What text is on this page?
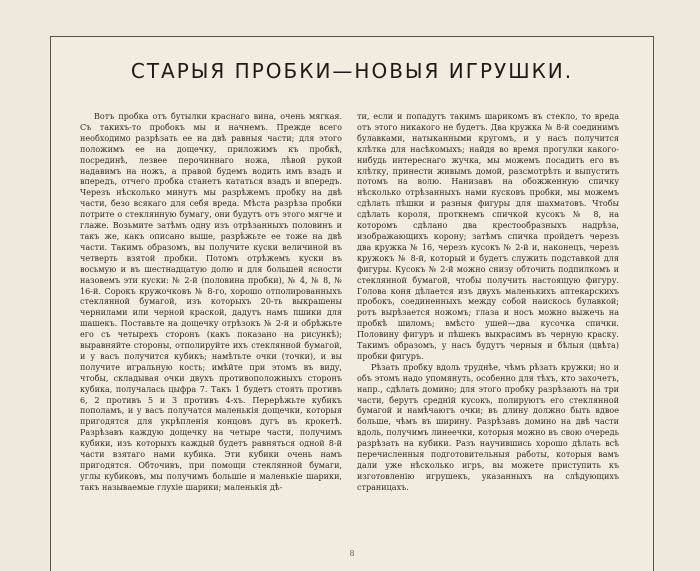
СТАРЫЯ ПРОБКИ—НОВЫЯ ИГРУШКИ.

Вотъ пробка отъ бутылки краснаго вина, очень мягкая. Съ такихъ-то пробокъ мы и начнемъ. Прежде всего необходимо разрѣзать ее на двѣ равныя части; для этого положимъ ее на дощечку, приложимъ къ пробкѣ, посрединѣ, лезвее перочиннаго ножа, лѣвой рукой надавимъ на ножъ, а правой будемъ водить имъ взадъ и впередъ, отчего пробка станетъ кататься взадъ и впередъ. Черезъ нѣсколько минутъ мы разрѣжемъ пробку на двѣ части, безо всякаго для себя вреда. Мѣста разрѣза пробки потрите о стеклянную бумагу, они будутъ отъ этого мягче и глаже. Возьмите затѣмъ одну изъ отрѣзанныхъ половинъ и такъ же, какъ описано выше, разрѣжьте ее тоже на двѣ части. Такимъ образомъ, вы получите куски величиной въ четверть взятой пробки. Потомъ отрѣжемъ куски въ восьмую и въ шестнадцатую долю и для большей ясности назовемъ эти куски: № 2-й (половина пробки), № 4, № 8, № 16-й. Сорокъ кружочковъ № 8-го, хорошо отполированныхъ стеклянной бумагой, изъ которыхъ 20-ть выкрашены чернилами или черной краской, дадутъ намъ пшики для шашекъ. Поставьте на дощечку отрѣзокъ № 2-й и обрѣжьте его съ четырехъ сторонъ (какъ показано на рисункѣ); выравняйте стороны, отполируйте ихъ стеклянной бумагой, и у васъ получится кубикъ; намѣтьте очки (точки), и вы получите игральную кость; имѣйте при этомъ въ виду, чтобы, складывая очки двухъ противоположныхъ сторонъ кубика, получалась цыфра 7. Такъ 1 будетъ стоять противъ 6, 2 противъ 5 и 3 противъ 4-хъ. Перерѣжьте кубикъ пополамъ, и у васъ получатся маленькія дощечки, которыя пригодятся для укрѣпленія концовъ дугъ въ крокетѣ. Разрѣзавъ каждую дощечку на четыре части, получимъ кубики, изъ которыхъ каждый будетъ равняться одной 8-й части взятаго нами кубика. Эти кубики очень намъ пригодятся. Обточивъ, при помощи стеклянной бумаги, углы кубиковъ, мы получимъ большіе и маленькіе шарики, такъ называемые глухіе шарики; маленькія дѣ-

ти, если и попадутъ такимъ шарикомъ въ стекло, то вреда отъ этого никакого не будетъ. Два кружка № 8-й соединимъ булавками, натыканными кругомъ, и у насъ получится клѣтка для насѣкомыхъ; найдя во время прогулки какого-нибудь интереснаго жучка, мы можемъ посадить его въ клѣтку, принести живымъ домой, разсмотрѣть и выпустить потомъ на волю. Нанизавъ на обожженную спичку нѣсколько отрѣзанныхъ нами кусковъ пробки, мы можемъ сдѣлать пѣшки и разныя фигуры для шахматовъ. Чтобы сдѣлать короля, проткнемъ спичкой кусокъ № 8, на которомъ сдѣлано два крестообразныхъ надрѣза, изображающихъ корону; затѣмъ спичка пройдетъ черезъ два кружка № 16, черезъ кусокъ № 2-й и, наконецъ, черезъ кружокъ № 8-й, который и будетъ служить подставкой для фигуры. Кусокъ № 2-й можно снизу обточить подпилкомъ и стеклянной бумагой, чтобы получить настоящую фигуру. Голова коня дѣлается изъ двухъ маленькихъ аптекарскихъ пробокъ, соединенныхъ между собой наискось булавкой; ротъ вырѣзается ножомъ; глаза и носъ можно выжечь на пробкѣ шиломъ; вмѣсто ушей—два кусочка спички. Половину фигуръ и пѣшекъ выкрасимъ въ черную краску. Такимъ образомъ, у насъ будутъ черныя и бѣлыя (цвѣта) пробки фигуръ.

Рѣзать пробку вдоль труднѣе, чѣмъ рѣзать кружки; но и объ этомъ надо упомянуть, особенно для тѣхъ, кто захочетъ, напр., сдѣлать домино; для этого пробку разрѣзають на три части, берутъ средній кусокъ, полируютъ его стеклянной бумагой и намѣчаютъ очки; въ длину должно быть вдвое больше, чѣмъ въ ширину. Разрѣзавъ домино на двѣ части вдоль, получимъ линеечки, которыя можно въ свою очередь разрѣзать на кубики. Разъ научившись хорошо дѣлать всѣ перечисленныя подготовительныя работы, которыя вамъ дали уже нѣсколько игръ, вы можете приступить къ изготовленію игрушекъ, указанныхъ на слѣдующихъ страницахъ.

8
